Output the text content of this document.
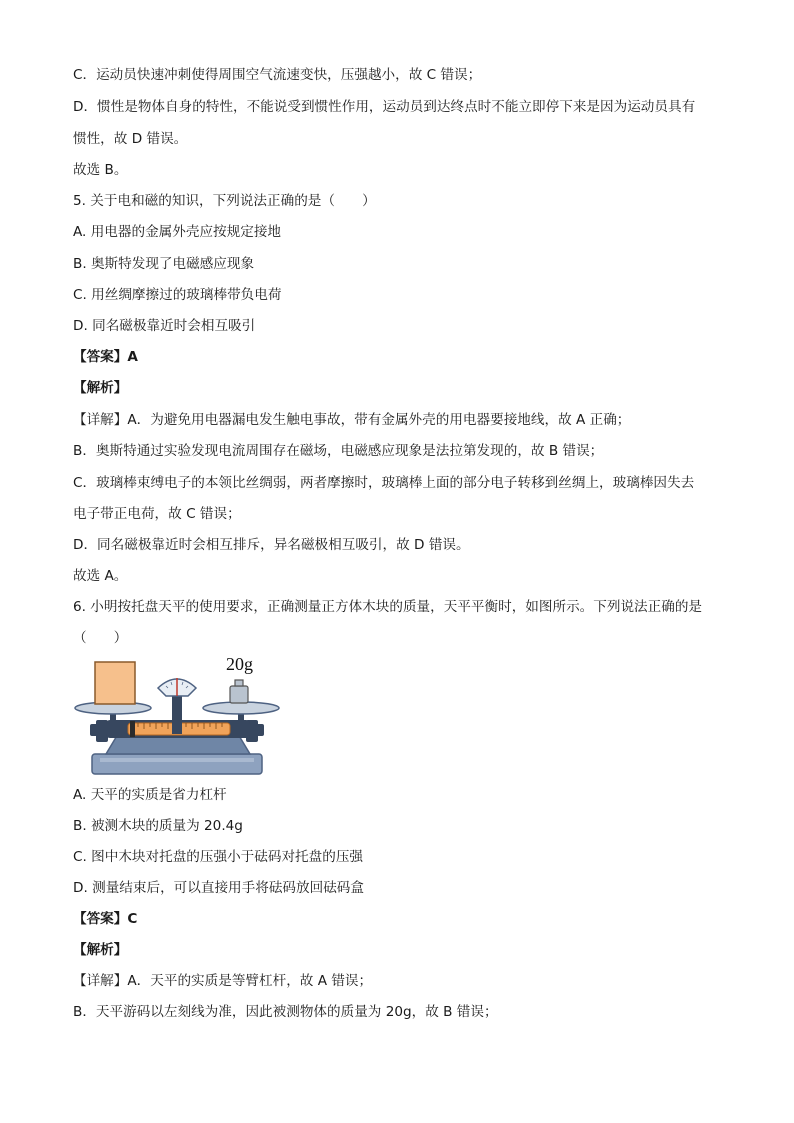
C．运动员快速冲刺使得周围空气流速变快，压强越小，故 C 错误；
D．惯性是物体自身的特性，不能说受到惯性作用，运动员到达终点时不能立即停下来是因为运动员具有
惯性，故 D 错误。
故选 B。
5. 关于电和磁的知识，下列说法正确的是（　　）
A. 用电器的金属外壳应按规定接地
B. 奥斯特发现了电磁感应现象
C. 用丝绸摩擦过的玻璃棒带负电荷
D. 同名磁极靠近时会相互吸引
【答案】A
【解析】
【详解】A．为避免用电器漏电发生触电事故，带有金属外壳的用电器要接地线，故 A 正确；
B．奥斯特通过实验发现电流周围存在磁场，电磁感应现象是法拉第发现的，故 B 错误；
C．玻璃棒束缚电子的本领比丝绸弱，两者摩擦时，玻璃棒上面的部分电子转移到丝绸上，玻璃棒因失去
电子带正电荷，故 C 错误；
D．同名磁极靠近时会相互排斥，异名磁极相互吸引，故 D 错误。
故选 A。
6. 小明按托盘天平的使用要求，正确测量正方体木块的质量，天平平衡时，如图所示。下列说法正确的是
（　　）
20g
A. 天平的实质是省力杠杆
B. 被测木块的质量为 20.4g
C. 图中木块对托盘的压强小于砝码对托盘的压强
D. 测量结束后，可以直接用手将砝码放回砝码盒
【答案】C
【解析】
【详解】A．天平的实质是等臂杠杆，故 A 错误；
B．天平游码以左刻线为准，因此被测物体的质量为 20g，故 B 错误；
